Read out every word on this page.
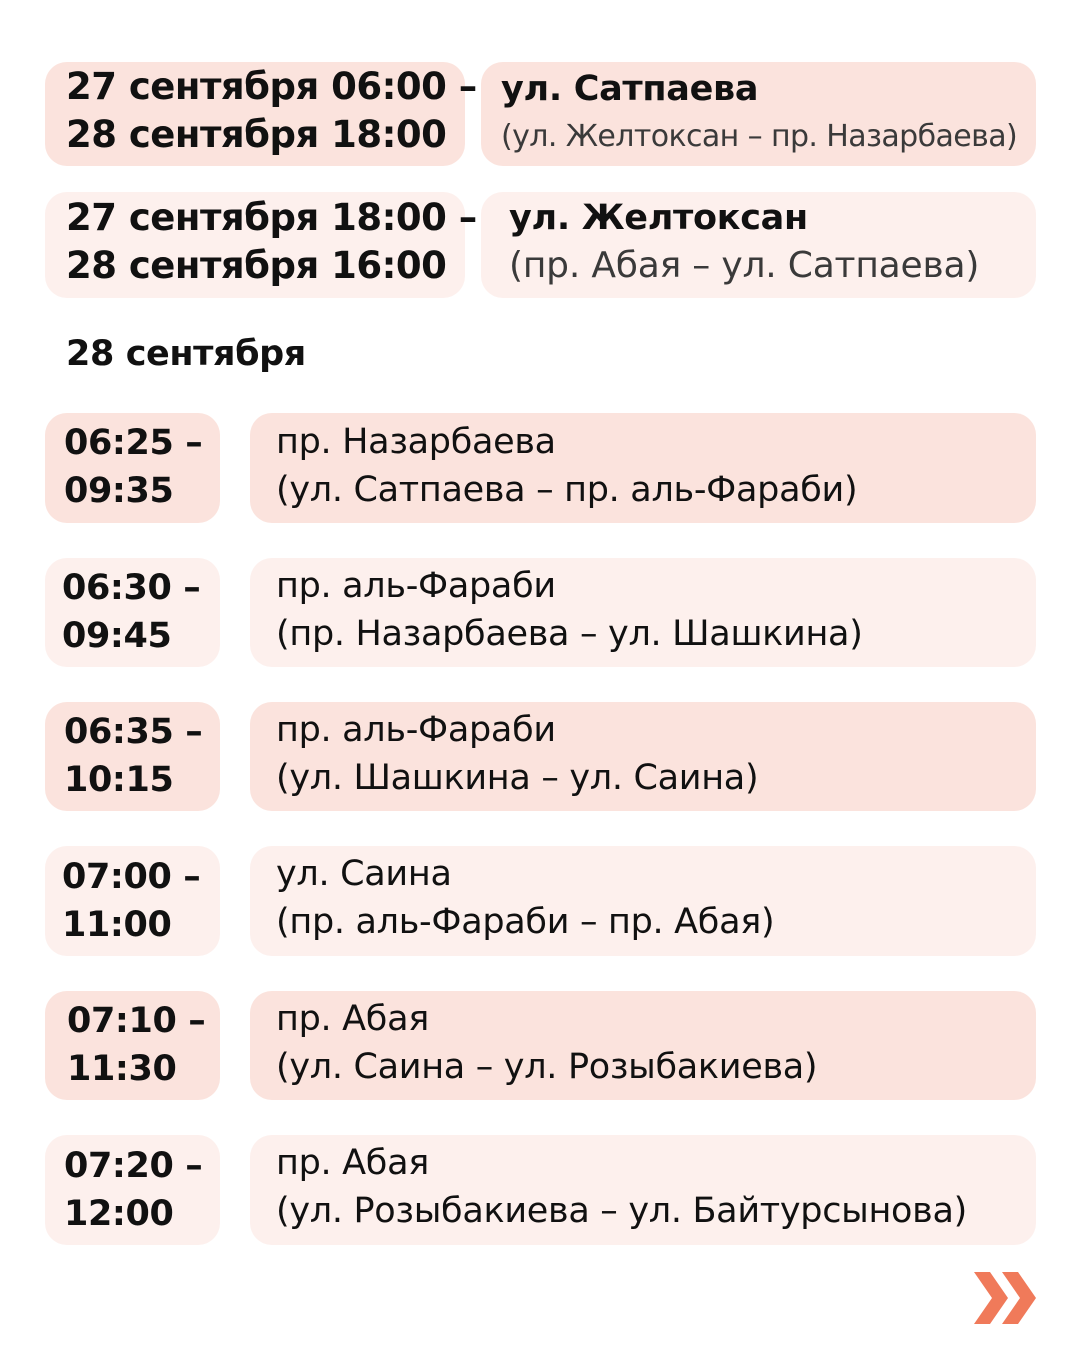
27 сентября 06:00 –
28 сентября 18:00
ул. Сатпаева
(ул. Желтоксан – пр. Назарбаева)
27 сентября 18:00 –
28 сентября 16:00
ул. Желтоксан
(пр. Абая – ул. Сатпаева)
28 сентября
06:25 –
09:35
пр. Назарбаева
(ул. Сатпаева – пр. аль-Фараби)
06:30 –
09:45
пр. аль-Фараби
(пр. Назарбаева – ул. Шашкина)
06:35 –
10:15
пр. аль-Фараби
(ул. Шашкина – ул. Саина)
07:00 –
11:00
ул. Саина
(пр. аль-Фараби – пр. Абая)
07:10 –
11:30
пр. Абая
(ул. Саина – ул. Розыбакиева)
07:20 –
12:00
пр. Абая
(ул. Розыбакиева – ул. Байтурсынова)
